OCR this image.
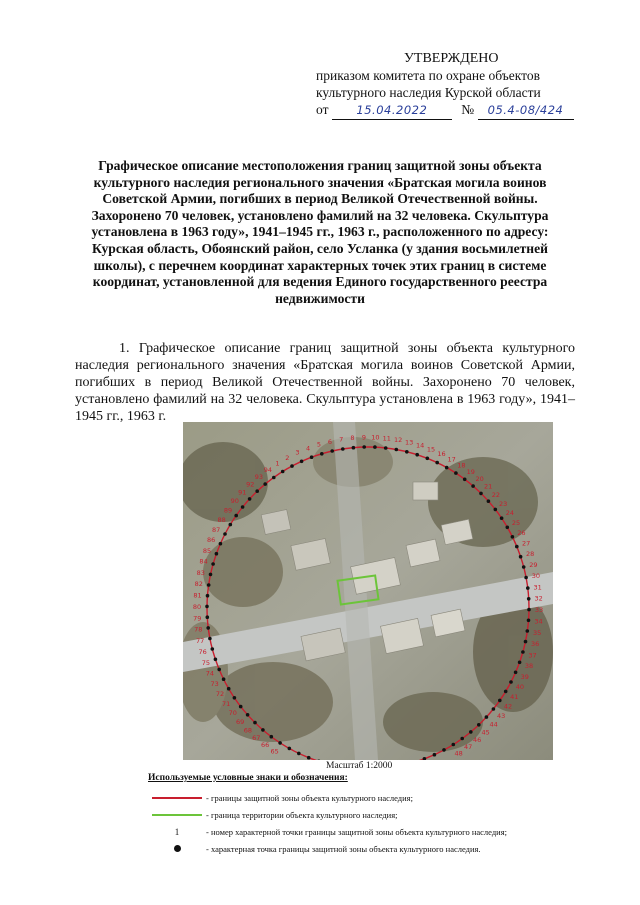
УТВЕРЖДЕНО
приказом комитета по охране объектов
культурного наследия Курской области
от 15.04.2022	№ 05.4-08/424
Графическое описание местоположения границ защитной зоны объекта культурного наследия регионального значения «Братская могила воинов Советской Армии, погибших в период Великой Отечественной войны. Захоронено 70 человек, установлено фамилий на 32 человека. Скульптура установлена в 1963 году», 1941–1945 гг., 1963 г., расположенного по адресу: Курская область, Обоянский район, село Усланка (у здания восьмилетней школы), с перечнем координат характерных точек этих границ в системе координат, установленной для ведения Единого государственного реестра недвижимости

1. Графическое описание границ защитной зоны объекта культурного наследия регионального значения «Братская могила воинов Советской Армии, погибших в период Великой Отечественной войны. Захоронено 70 человек, установлено фамилий на 32 человека. Скульптура установлена в 1963 году», 1941–1945 гг., 1963 г.

1
2
3
4 5 6 7 8 9 10 11 12 13 14 15
16
17
18
19
20
21
22
23
24
25
26
27
28
29
30
31
32
33
34
35
36
37
38
39
40
41
42
43
44
45
46
47
48
65
66
67
68
69
70
71
72
73
74
75
76
77
78
79
80
81
82
83
84
85
86
87
88
89
90
91
92
93
94
Масштаб 1:2000
Используемые условные знаки и обозначения:
- границы защитной зоны объекта культурного наследия;
- граница территории объекта культурного наследия;
1	- номер характерной точки границы защитной зоны объекта культурного наследия;
- характерная точка границы защитной зоны объекта культурного наследия.
